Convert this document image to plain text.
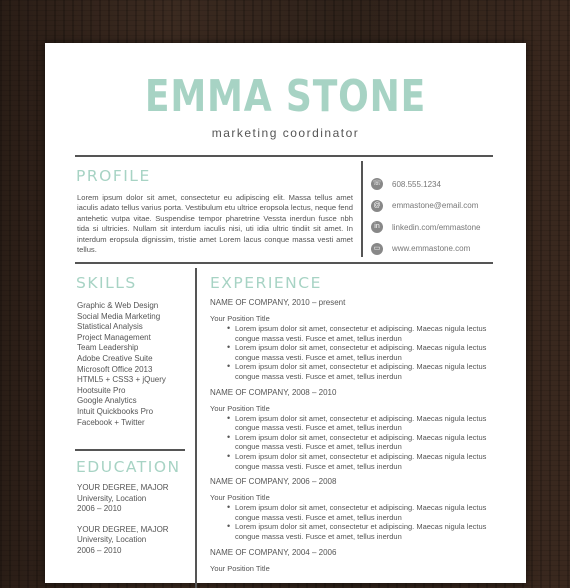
EMMA STONE
marketing coordinator
PROFILE
Lorem ipsum dolor sit amet, consectetur eu adipiscing elit. Massa tellus amet iaculis adato tellus varius porta. Vestibulum etu ultrice eropsola lectus, neque fend antehetic vutpa vitae. Suspendise tempor pharetrine Vessta inerdun fusce nbh tida si ultricies. Nullam sit interdum iaculis nisi, uti idia ultric tindiit sit amet. In interdum eropsula dignissim, tristie amet Lorem lacus conque massa vesti amet tellus.
☏ 608.555.1234
@	emmastone@email.com
in	linkedin.com/emmastone
▭	www.emmastone.com
SKILLS
Graphic & Web Design
Social Media Marketing
Statistical Analysis
Project Management
Team Leadership
Adobe Creative Suite
Microsoft Office 2013
HTML5 + CSS3 + jQuery
Hootsuite Pro
Google Analytics
Intuit Quickbooks Pro
Facebook + Twitter
EDUCATION
YOUR DEGREE, MAJOR
University, Location
2006 – 2010
YOUR DEGREE, MAJOR
University, Location
2006 – 2010
EXPERIENCE
NAME OF COMPANY, 2010 – present
Your Position Title
• Lorem ipsum dolor sit amet, consectetur et adipiscing. Maecas nigula lectus congue massa vesti. Fusce et amet, tellus inerdun
• Lorem ipsum dolor sit amet, consectetur et adipiscing. Maecas nigula lectus congue massa vesti. Fusce et amet, tellus inerdun
• Lorem ipsum dolor sit amet, consectetur et adipiscing. Maecas nigula lectus congue massa vesti. Fusce et amet, tellus inerdun
NAME OF COMPANY, 2008 – 2010
Your Position Title
• Lorem ipsum dolor sit amet, consectetur et adipiscing. Maecas nigula lectus congue massa vesti. Fusce et amet, tellus inerdun
• Lorem ipsum dolor sit amet, consectetur et adipiscing. Maecas nigula lectus congue massa vesti. Fusce et amet, tellus inerdun
• Lorem ipsum dolor sit amet, consectetur et adipiscing. Maecas nigula lectus congue massa vesti. Fusce et amet, tellus inerdun
NAME OF COMPANY, 2006 – 2008
Your Position Title
• Lorem ipsum dolor sit amet, consectetur et adipiscing. Maecas nigula lectus congue massa vesti. Fusce et amet, tellus inerdun
• Lorem ipsum dolor sit amet, consectetur et adipiscing. Maecas nigula lectus congue massa vesti. Fusce et amet, tellus inerdun
NAME OF COMPANY, 2004 – 2006
Your Position Title
